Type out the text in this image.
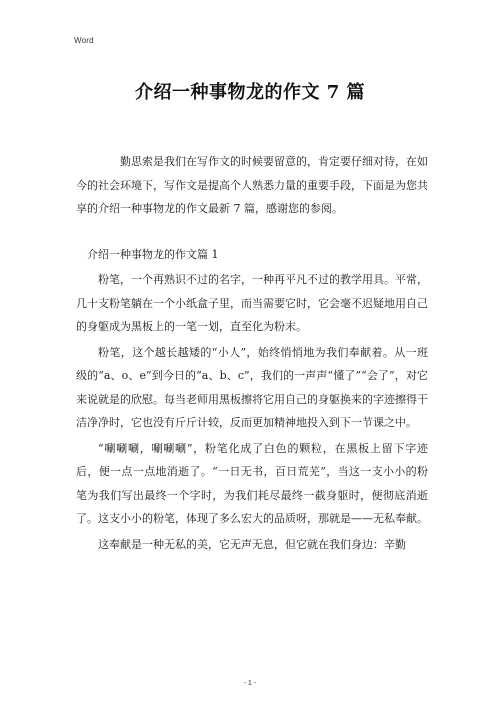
Word
介绍一种事物龙的作文 7 篇

勤思索是我们在写作文的时候要留意的，肯定要仔细对待，在如今的社会环境下，写作文是提高个人熟悉力量的重要手段，下面是为您共享的介绍一种事物龙的作文最新 7 篇，感谢您的参阅。

介绍一种事物龙的作文篇 1

粉笔，一个再熟识不过的名字，一种再平凡不过的教学用具。平常，几十支粉笔躺在一个小纸盒子里，而当需要它时，它会毫不迟疑地用自己的身躯成为黑板上的一笔一划，直至化为粉末。

粉笔，这个越长越矮的“小人”，始终悄悄地为我们奉献着。从一班级的“a、o、e”到今日的“a、b、c”，我们的一声声“懂了”“会了”，对它来说就是的欣慰。每当老师用黑板擦将它用自己的身躯换来的字迹擦得干洁净净时，它也没有斤斤计较，反而更加精神地投入到下一节课之中。

“唰唰唰，唰唰唰”，粉笔化成了白色的颗粒，在黑板上留下字迹后，便一点一点地消逝了。“一日无书，百日荒芜”，当这一支小小的粉笔为我们写出最终一个字时，为我们耗尽最终一截身躯时，便彻底消逝了。这支小小的粉笔，体现了多么宏大的品质呀，那就是——无私奉献。

这奉献是一种无私的美，它无声无息，但它就在我们身边：辛勤

- 1 -
